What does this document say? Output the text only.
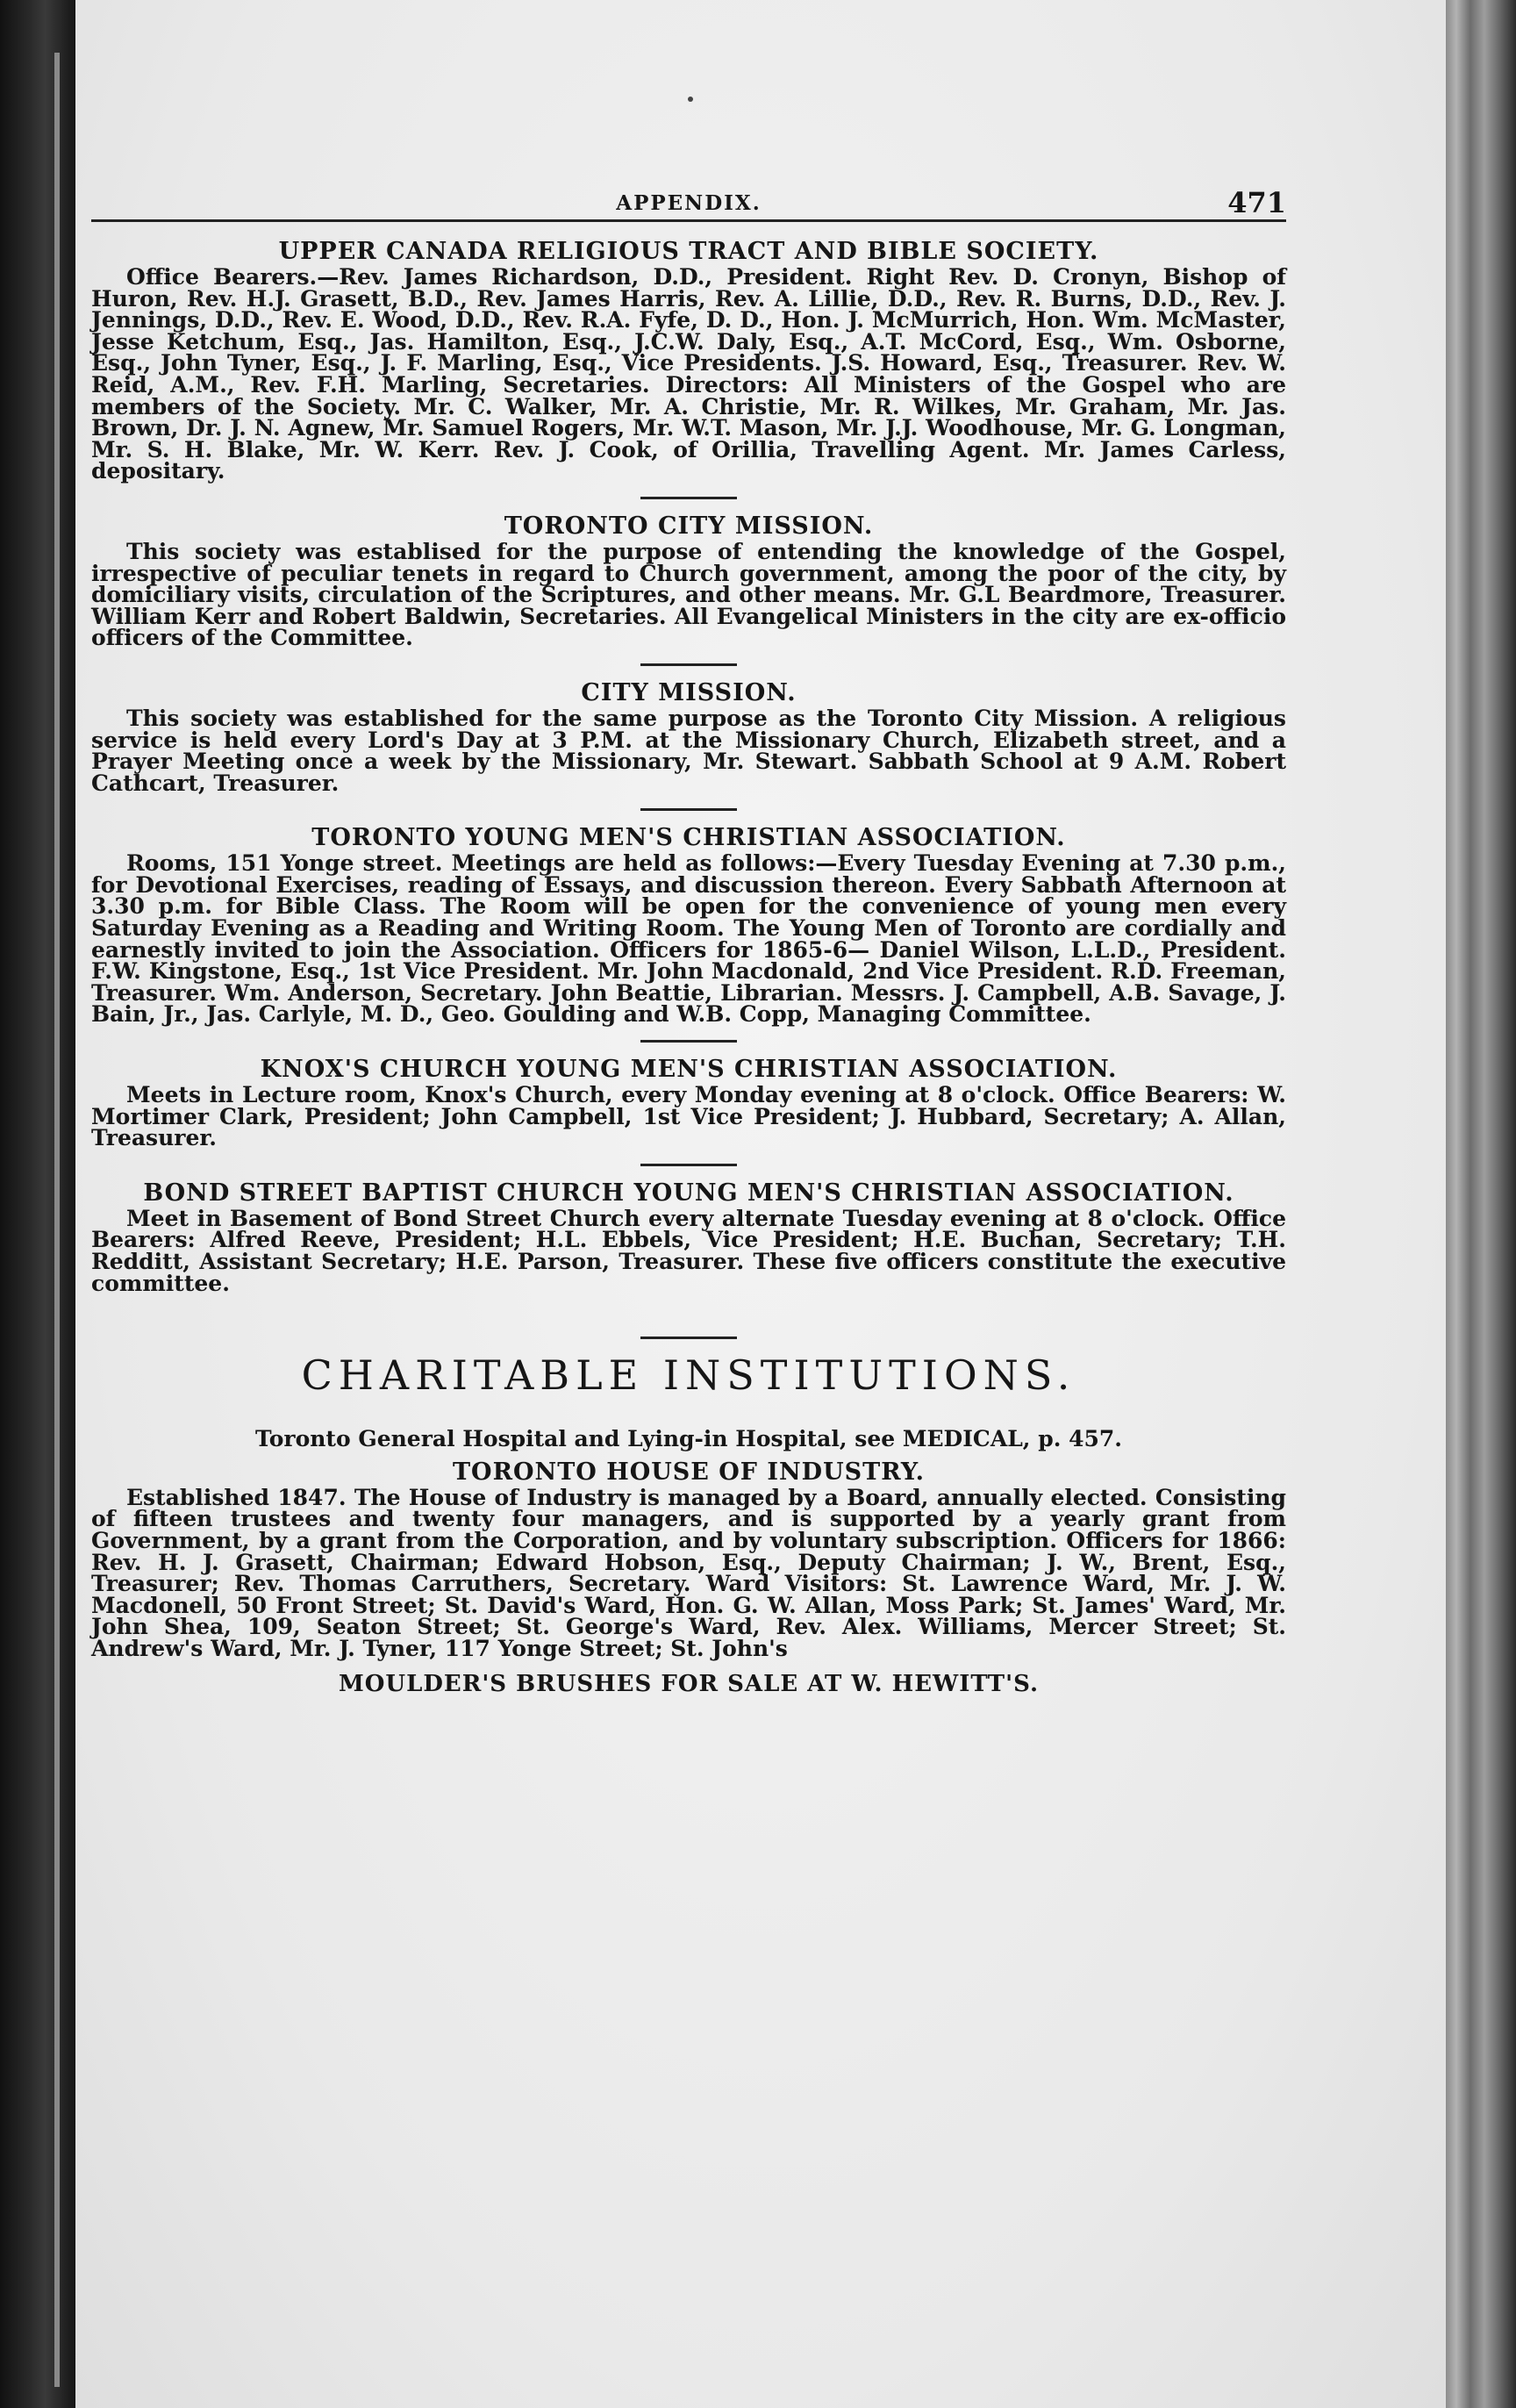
APPENDIX.	471
UPPER CANADA RELIGIOUS TRACT AND BIBLE SOCIETY.

Office Bearers.—Rev. James Richardson, D.D., President. Right Rev. D. Cronyn, Bishop of Huron, Rev. H.J. Grasett, B.D., Rev. James Harris, Rev. A. Lillie, D.D., Rev. R. Burns, D.D., Rev. J. Jennings, D.D., Rev. E. Wood, D.D., Rev. R.A. Fyfe, D. D., Hon. J. McMurrich, Hon. Wm. McMaster, Jesse Ketchum, Esq., Jas. Hamilton, Esq., J.C.W. Daly, Esq., A.T. McCord, Esq., Wm. Osborne, Esq., John Tyner, Esq., J. F. Marling, Esq., Vice Presidents. J.S. Howard, Esq., Treasurer. Rev. W. Reid, A.M., Rev. F.H. Marling, Secretaries. Directors: All Ministers of the Gospel who are members of the Society. Mr. C. Walker, Mr. A. Christie, Mr. R. Wilkes, Mr. Graham, Mr. Jas. Brown, Dr. J. N. Agnew, Mr. Samuel Rogers, Mr. W.T. Mason, Mr. J.J. Woodhouse, Mr. G. Longman, Mr. S. H. Blake, Mr. W. Kerr. Rev. J. Cook, of Orillia, Travelling Agent. Mr. James Carless, depositary.

TORONTO CITY MISSION.

This society was establised for the purpose of entending the knowledge of the Gospel, irrespective of peculiar tenets in regard to Church government, among the poor of the city, by domiciliary visits, circulation of the Scriptures, and other means. Mr. G.L Beardmore, Treasurer. William Kerr and Robert Baldwin, Secretaries. All Evangelical Ministers in the city are ex-officio officers of the Committee.

CITY MISSION.

This society was established for the same purpose as the Toronto City Mission. A religious service is held every Lord's Day at 3 P.M. at the Missionary Church, Elizabeth street, and a Prayer Meeting once a week by the Missionary, Mr. Stewart. Sabbath School at 9 A.M. Robert Cathcart, Treasurer.

TORONTO YOUNG MEN'S CHRISTIAN ASSOCIATION.

Rooms, 151 Yonge street. Meetings are held as follows:—Every Tuesday Evening at 7.30 p.m., for Devotional Exercises, reading of Essays, and discussion thereon. Every Sabbath Afternoon at 3.30 p.m. for Bible Class. The Room will be open for the convenience of young men every Saturday Evening as a Reading and Writing Room. The Young Men of Toronto are cordially and earnestly invited to join the Association. Officers for 1865-6— Daniel Wilson, L.L.D., President. F.W. Kingstone, Esq., 1st Vice President. Mr. John Macdonald, 2nd Vice President. R.D. Freeman, Treasurer. Wm. Anderson, Secretary. John Beattie, Librarian. Messrs. J. Campbell, A.B. Savage, J. Bain, Jr., Jas. Carlyle, M. D., Geo. Goulding and W.B. Copp, Managing Committee.

KNOX'S CHURCH YOUNG MEN'S CHRISTIAN ASSOCIATION.

Meets in Lecture room, Knox's Church, every Monday evening at 8 o'clock. Office Bearers: W. Mortimer Clark, President; John Campbell, 1st Vice President; J. Hubbard, Secretary; A. Allan, Treasurer.

BOND STREET BAPTIST CHURCH YOUNG MEN'S CHRISTIAN ASSOCIATION.

Meet in Basement of Bond Street Church every alternate Tuesday evening at 8 o'clock. Office Bearers: Alfred Reeve, President; H.L. Ebbels, Vice President; H.E. Buchan, Secretary; T.H. Redditt, Assistant Secretary; H.E. Parson, Treasurer. These five officers constitute the executive committee.

CHARITABLE INSTITUTIONS.

Toronto General Hospital and Lying-in Hospital, see MEDICAL, p. 457.

TORONTO HOUSE OF INDUSTRY.

Established 1847. The House of Industry is managed by a Board, annually elected. Consisting of fifteen trustees and twenty four managers, and is supported by a yearly grant from Government, by a grant from the Corporation, and by voluntary subscription. Officers for 1866: Rev. H. J. Grasett, Chairman; Edward Hobson, Esq., Deputy Chairman; J. W., Brent, Esq., Treasurer; Rev. Thomas Carruthers, Secretary. Ward Visitors: St. Lawrence Ward, Mr. J. W. Macdonell, 50 Front Street; St. David's Ward, Hon. G. W. Allan, Moss Park; St. James' Ward, Mr. John Shea, 109, Seaton Street; St. George's Ward, Rev. Alex. Williams, Mercer Street; St. Andrew's Ward, Mr. J. Tyner, 117 Yonge Street; St. John's

MOULDER'S BRUSHES FOR SALE AT W. HEWITT'S.
